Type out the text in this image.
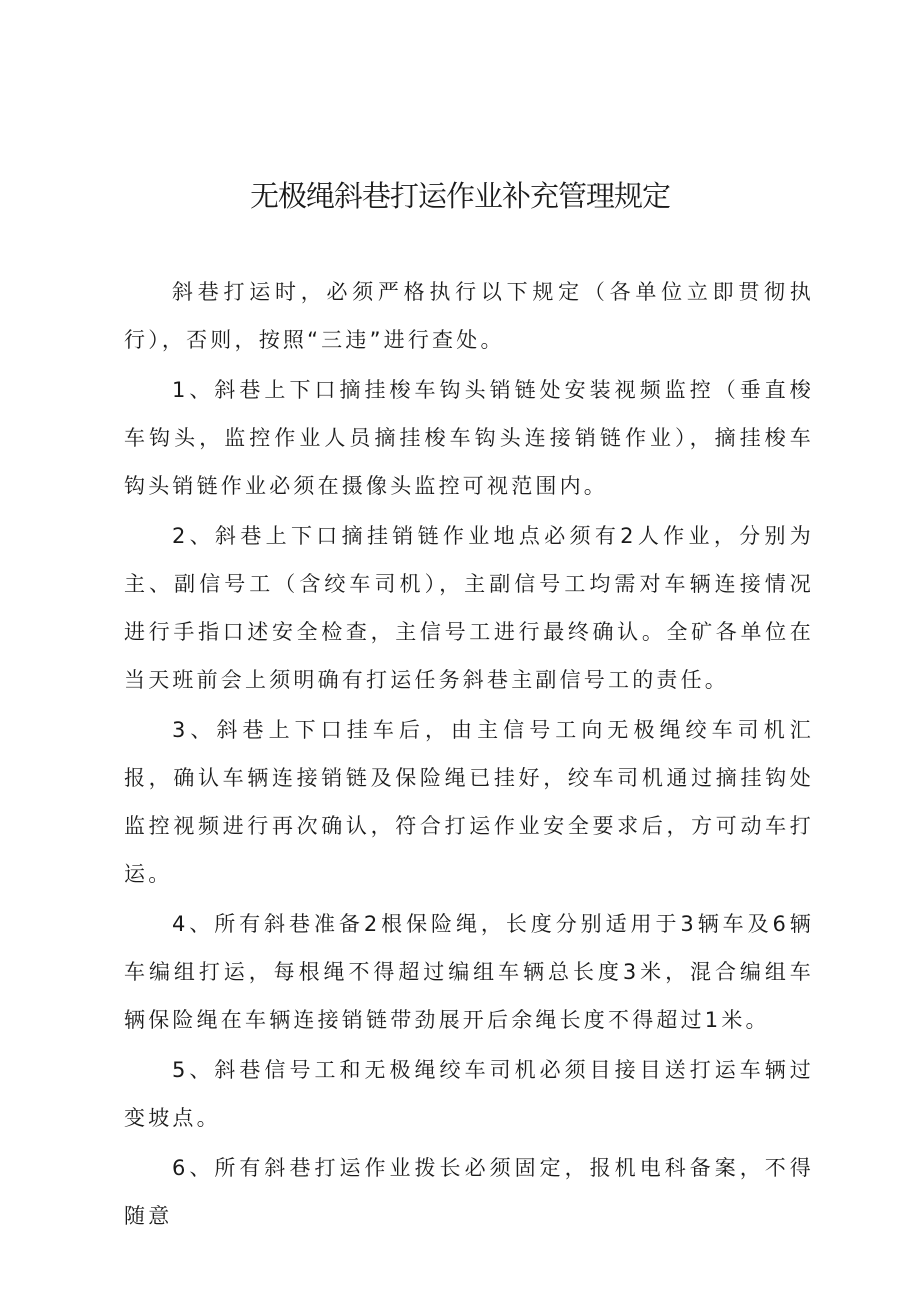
无极绳斜巷打运作业补充管理规定

斜巷打运时，必须严格执行以下规定（各单位立即贯彻执行），否则，按照“三违”进行查处。

1、斜巷上下口摘挂梭车钩头销链处安装视频监控（垂直梭车钩头，监控作业人员摘挂梭车钩头连接销链作业），摘挂梭车钩头销链作业必须在摄像头监控可视范围内。

2、斜巷上下口摘挂销链作业地点必须有2人作业，分别为主、副信号工（含绞车司机），主副信号工均需对车辆连接情况进行手指口述安全检查，主信号工进行最终确认。全矿各单位在当天班前会上须明确有打运任务斜巷主副信号工的责任。

3、斜巷上下口挂车后，由主信号工向无极绳绞车司机汇报，确认车辆连接销链及保险绳已挂好，绞车司机通过摘挂钩处监控视频进行再次确认，符合打运作业安全要求后，方可动车打运。

4、所有斜巷准备2根保险绳，长度分别适用于3辆车及6辆车编组打运，每根绳不得超过编组车辆总长度3米，混合编组车辆保险绳在车辆连接销链带劲展开后余绳长度不得超过1米。

5、斜巷信号工和无极绳绞车司机必须目接目送打运车辆过变坡点。

6、所有斜巷打运作业拨长必须固定，报机电科备案，不得随意
